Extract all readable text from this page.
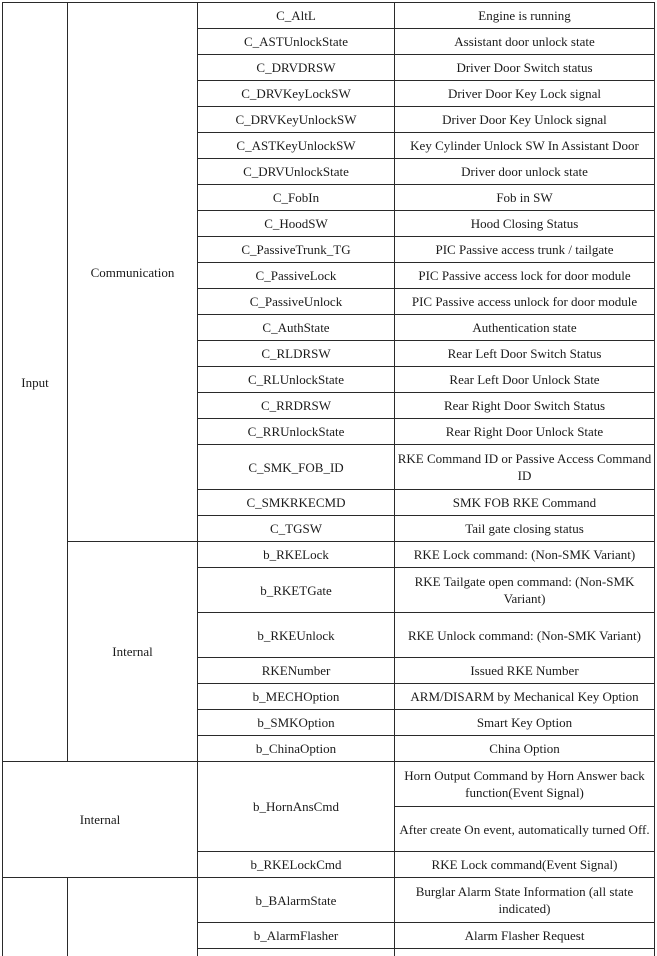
Input	Communication	C_AltL	Engine is running
		C_ASTUnlockState	Assistant door unlock state
		C_DRVDRSW	Driver Door Switch status
		C_DRVKeyLockSW	Driver Door Key Lock signal
		C_DRVKeyUnlockSW	Driver Door Key Unlock signal
		C_ASTKeyUnlockSW	Key Cylinder Unlock SW In Assistant Door
		C_DRVUnlockState	Driver door unlock state
		C_FobIn	Fob in SW
		C_HoodSW	Hood Closing Status
		C_PassiveTrunk_TG	PIC Passive access trunk / tailgate
		C_PassiveLock	PIC Passive access lock for door module
		C_PassiveUnlock	PIC Passive access unlock for door module
		C_AuthState	Authentication state
		C_RLDRSW	Rear Left Door Switch Status
		C_RLUnlockState	Rear Left Door Unlock State
		C_RRDRSW	Rear Right Door Switch Status
		C_RRUnlockState	Rear Right Door Unlock State
		C_SMK_FOB_ID	RKE Command ID or Passive Access Command ID
		C_SMKRKECMD	SMK FOB RKE Command
		C_TGSW	Tail gate closing status
	Internal	b_RKELock	RKE Lock command: (Non-SMK Variant)
		b_RKETGate	RKE Tailgate open command: (Non-SMK Variant)
		b_RKEUnlock	RKE Unlock command: (Non-SMK Variant)
		RKENumber	Issued RKE Number
		b_MECHOption	ARM/DISARM by Mechanical Key Option
		b_SMKOption	Smart Key Option
		b_ChinaOption	China Option
Internal		b_HornAnsCmd	Horn Output Command by Horn Answer back function(Event Signal)
			After create On event, automatically turned Off.
		b_RKELockCmd	RKE Lock command(Event Signal)
		b_BAlarmState	Burglar Alarm State Information (all state indicated)
		b_AlarmFlasher	Alarm Flasher Request
